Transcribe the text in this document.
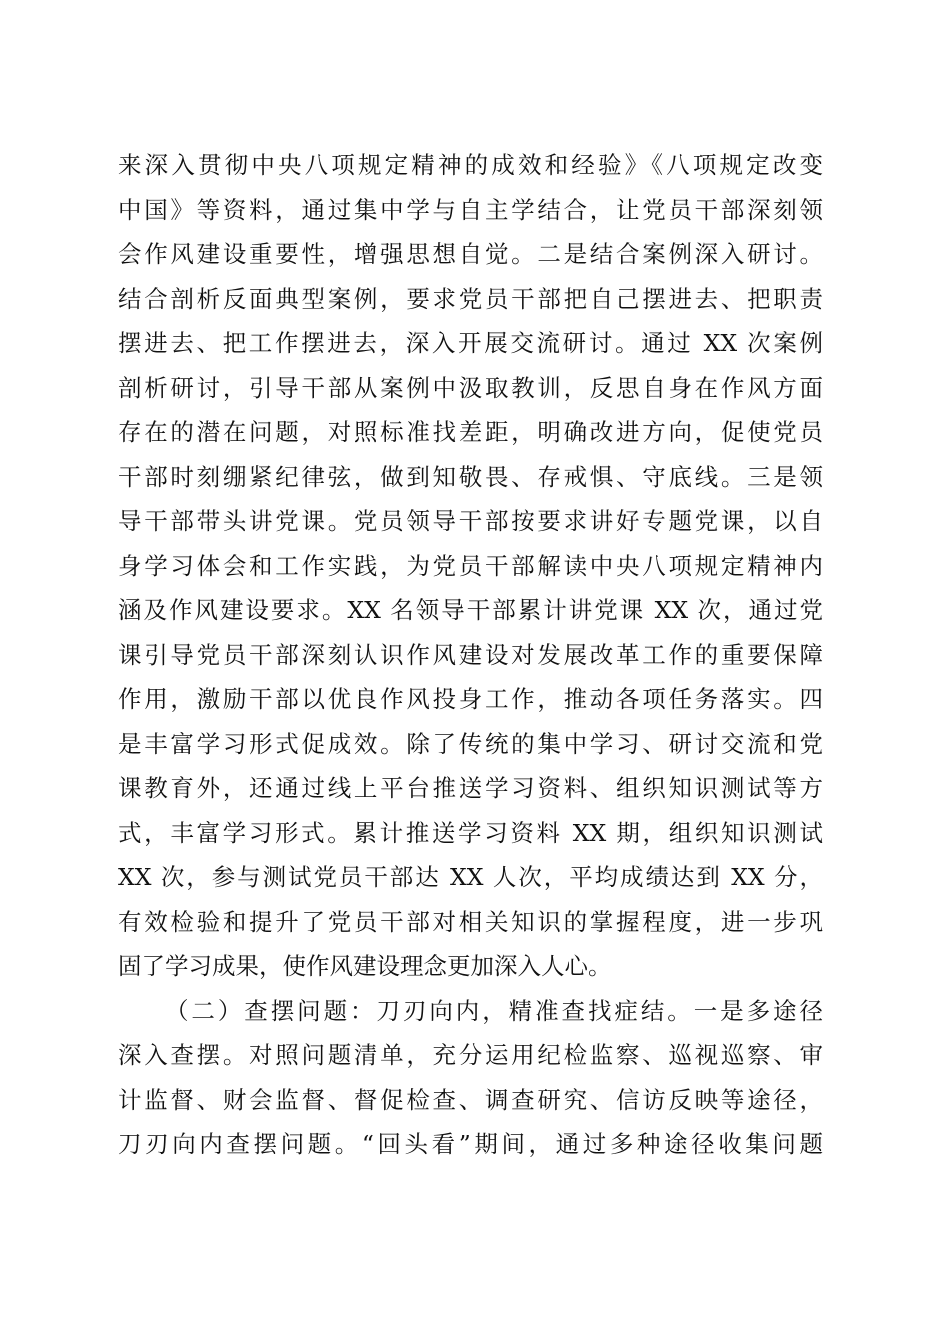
来深入贯彻中央八项规定精神的成效和经验》《八项规定改变
中国》等资料，通过集中学与自主学结合，让党员干部深刻领
会作风建设重要性，增强思想自觉。二是结合案例深入研讨。
结合剖析反面典型案例，要求党员干部把自己摆进去、把职责
摆进去、把工作摆进去，深入开展交流研讨。通过 XX 次案例
剖析研讨，引导干部从案例中汲取教训，反思自身在作风方面
存在的潜在问题，对照标准找差距，明确改进方向，促使党员
干部时刻绷紧纪律弦，做到知敬畏、存戒惧、守底线。三是领
导干部带头讲党课。党员领导干部按要求讲好专题党课，以自
身学习体会和工作实践，为党员干部解读中央八项规定精神内
涵及作风建设要求。XX 名领导干部累计讲党课 XX 次，通过党
课引导党员干部深刻认识作风建设对发展改革工作的重要保障
作用，激励干部以优良作风投身工作，推动各项任务落实。四
是丰富学习形式促成效。除了传统的集中学习、研讨交流和党
课教育外，还通过线上平台推送学习资料、组织知识测试等方
式，丰富学习形式。累计推送学习资料 XX 期，组织知识测试
XX 次，参与测试党员干部达 XX 人次，平均成绩达到 XX 分，
有效检验和提升了党员干部对相关知识的掌握程度，进一步巩
固了学习成果，使作风建设理念更加深入人心。
（二）查摆问题：刀刃向内，精准查找症结。一是多途径
深入查摆。对照问题清单，充分运用纪检监察、巡视巡察、审
计监督、财会监督、督促检查、调查研究、信访反映等途径，
刀刃向内查摆问题。“回头看”期间，通过多种途径收集问题
